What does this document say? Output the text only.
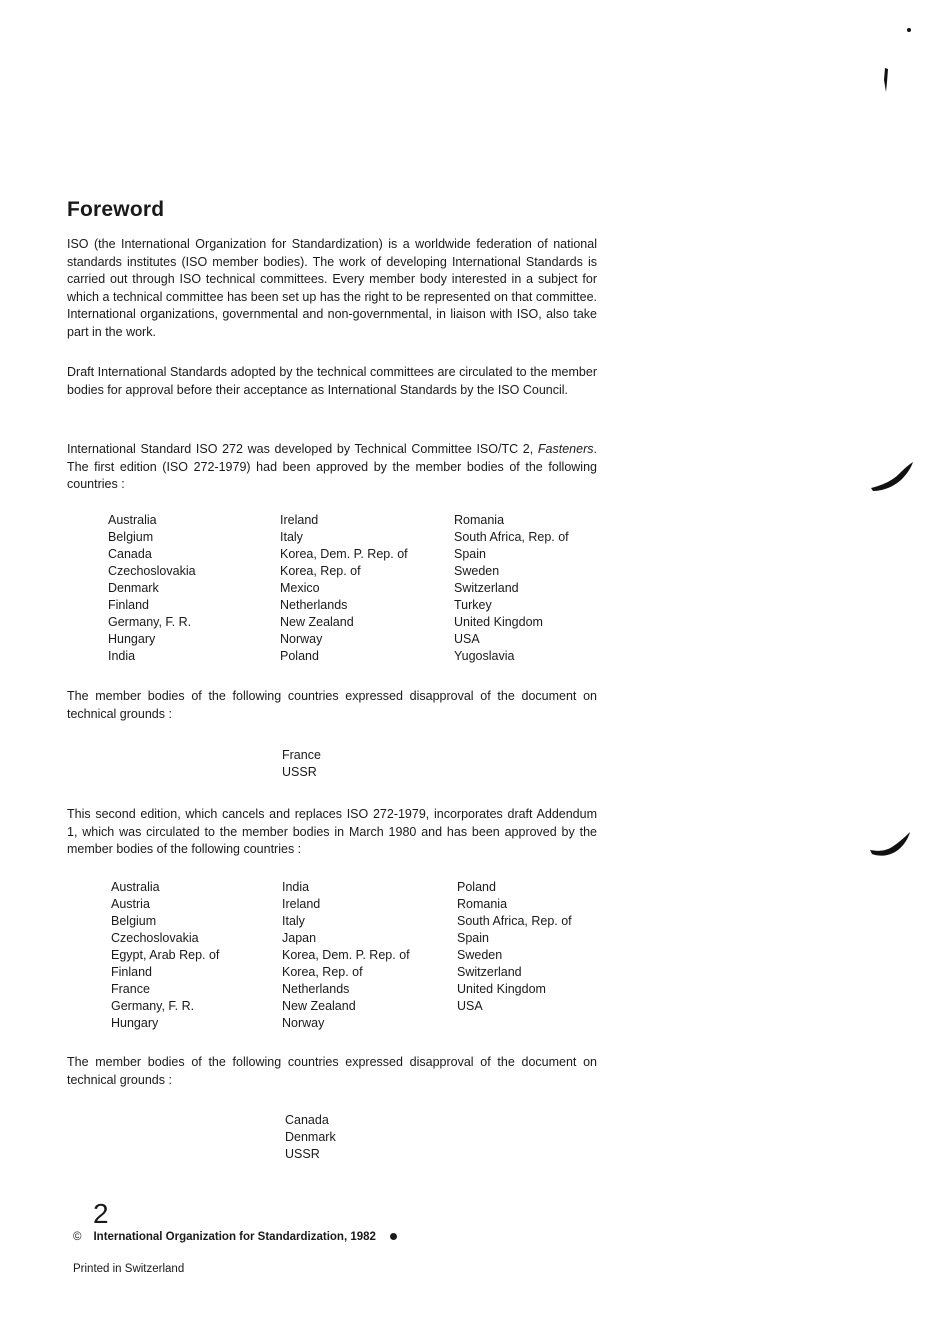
Foreword
ISO (the International Organization for Standardization) is a worldwide federation of national standards institutes (ISO member bodies). The work of developing International Standards is carried out through ISO technical committees. Every member body interested in a subject for which a technical committee has been set up has the right to be represented on that committee. International organizations, governmental and non-governmental, in liaison with ISO, also take part in the work.
Draft International Standards adopted by the technical committees are circulated to the member bodies for approval before their acceptance as International Standards by the ISO Council.
International Standard ISO 272 was developed by Technical Committee ISO/TC 2, Fasteners. The first edition (ISO 272-1979) had been approved by the member bodies of the following countries :
Australia
Belgium
Canada
Czechoslovakia
Denmark
Finland
Germany, F. R.
Hungary
India
Ireland
Italy
Korea, Dem. P. Rep. of
Korea, Rep. of
Mexico
Netherlands
New Zealand
Norway
Poland
Romania
South Africa, Rep. of
Spain
Sweden
Switzerland
Turkey
United Kingdom
USA
Yugoslavia
The member bodies of the following countries expressed disapproval of the document on technical grounds :
France
USSR
This second edition, which cancels and replaces ISO 272-1979, incorporates draft Addendum 1, which was circulated to the member bodies in March 1980 and has been approved by the member bodies of the following countries :
Australia
Austria
Belgium
Czechoslovakia
Egypt, Arab Rep. of
Finland
France
Germany, F. R.
Hungary
India
Ireland
Italy
Japan
Korea, Dem. P. Rep. of
Korea, Rep. of
Netherlands
New Zealand
Norway
Poland
Romania
South Africa, Rep. of
Spain
Sweden
Switzerland
United Kingdom
USA
The member bodies of the following countries expressed disapproval of the document on technical grounds :
Canada
Denmark
USSR
2
© International Organization for Standardization, 1982
Printed in Switzerland
